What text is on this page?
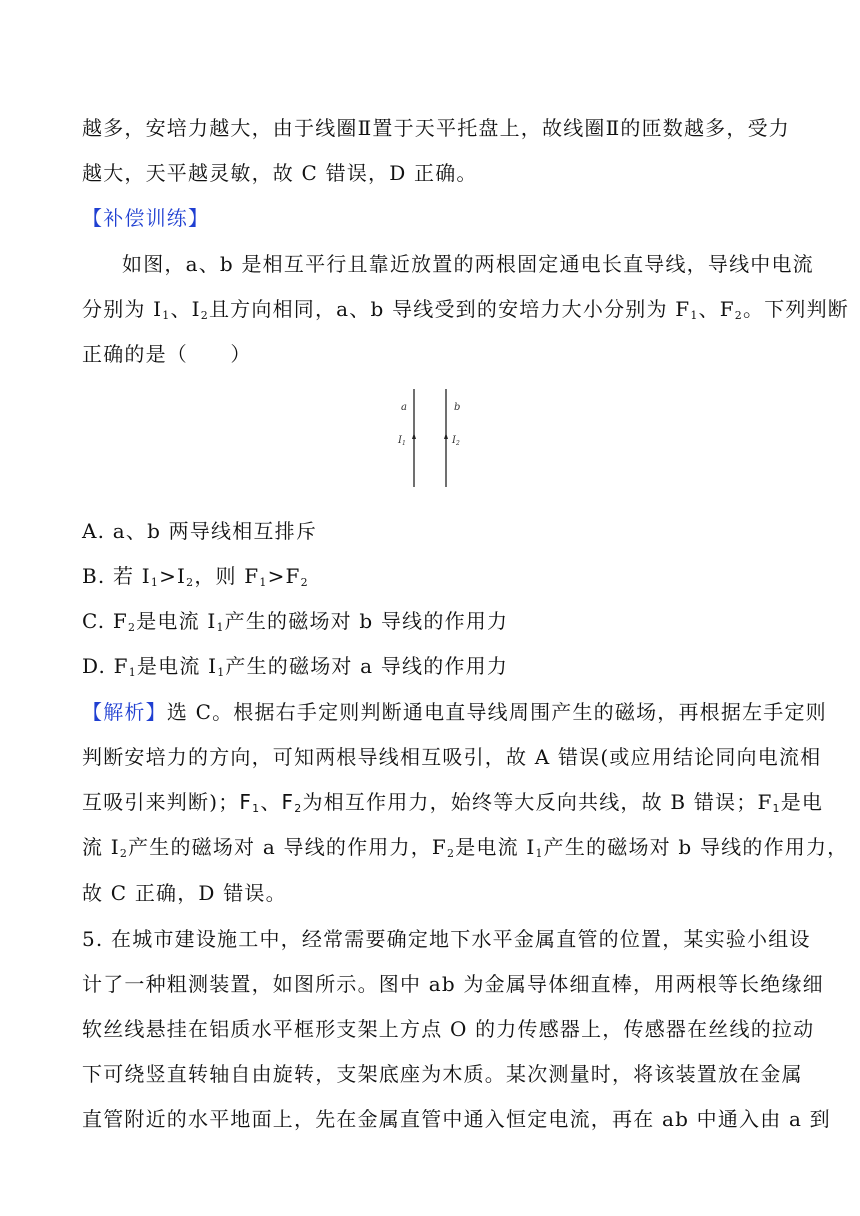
越多，安培力越大，由于线圈Ⅱ置于天平托盘上，故线圈Ⅱ的匝数越多，受力
越大，天平越灵敏，故 C 错误，D 正确。
【补偿训练】
如图，a、b 是相互平行且靠近放置的两根固定通电长直导线，导线中电流
分别为 $I_1$、$I_2$且方向相同，a、b 导线受到的安培力大小分别为 $F_1$、$F_2$。下列判断
正确的是（　　）
a	b
$I_1$	$I_2$
A. a、b 两导线相互排斥
B. 若 $I_1>I_2$，则 $F_1>F_2$
C. $F_2$是电流 $I_1$产生的磁场对 b 导线的作用力
D. $F_1$是电流 $I_1$产生的磁场对 a 导线的作用力
【解析】选 C。根据右手定则判断通电直导线周围产生的磁场，再根据左手定则
判断安培力的方向，可知两根导线相互吸引，故 A 错误(或应用结论同向电流相
互吸引来判断)；$F_1$、$F_2$为相互作用力，始终等大反向共线，故 B 错误；$F_1$是电
流 $I_2$产生的磁场对 a 导线的作用力，$F_2$是电流 $I_1$产生的磁场对 b 导线的作用力，
故 C 正确，D 错误。
5. 在城市建设施工中，经常需要确定地下水平金属直管的位置，某实验小组设
计了一种粗测装置，如图所示。图中 ab 为金属导体细直棒，用两根等长绝缘细
软丝线悬挂在铝质水平框形支架上方点 O 的力传感器上，传感器在丝线的拉动
下可绕竖直转轴自由旋转，支架底座为木质。某次测量时，将该装置放在金属
直管附近的水平地面上，先在金属直管中通入恒定电流，再在 ab 中通入由 a 到
